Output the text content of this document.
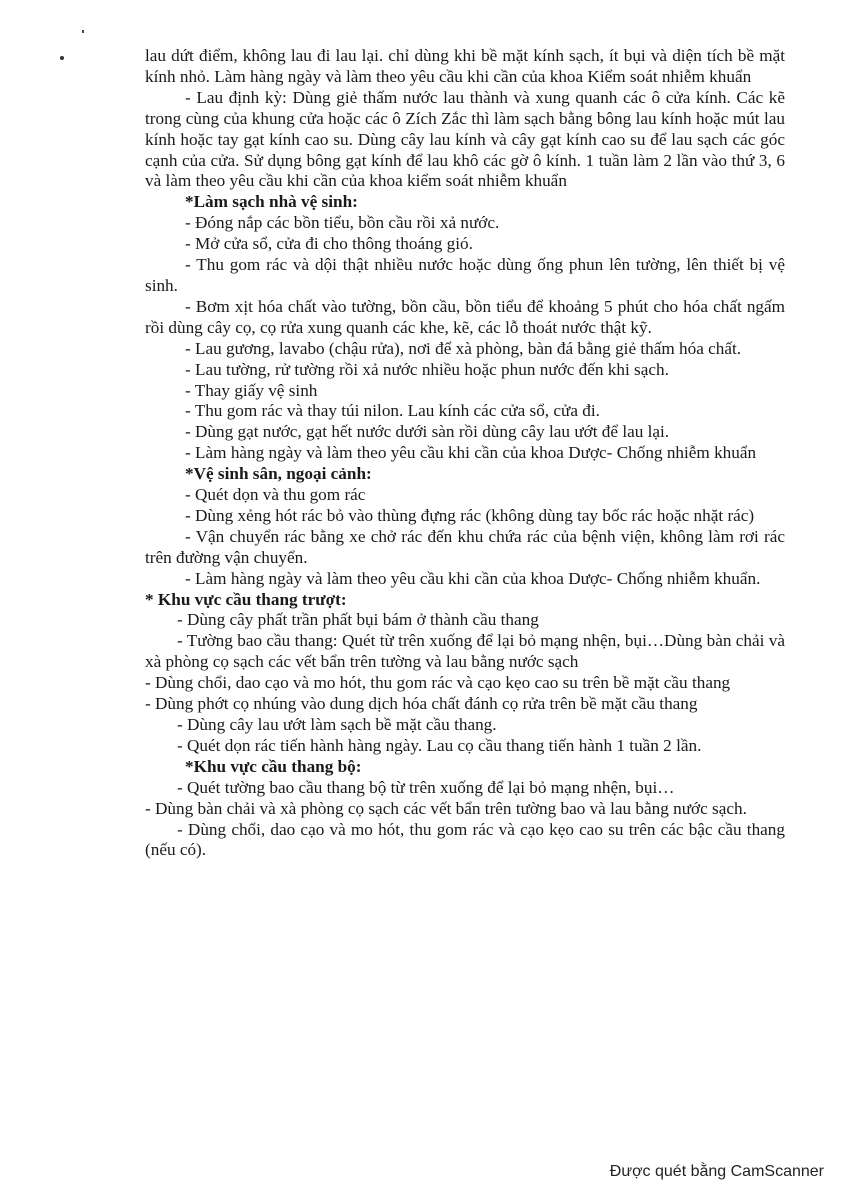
lau dứt điểm, không lau đi lau lại. chỉ dùng khi bề mặt kính sạch, ít bụi và diện tích bề mặt kính nhỏ. Làm hàng ngày và làm theo yêu cầu khi cần của khoa Kiểm soát nhiễm khuẩn

- Lau định kỳ: Dùng giẻ thấm nước lau thành và xung quanh các ô cửa kính. Các kẽ trong cùng của khung cửa hoặc các ô Zích Zắc thì làm sạch bằng bông lau kính hoặc mút lau kính hoặc tay gạt kính cao su. Dùng cây lau kính và cây gạt kính cao su để lau sạch các góc cạnh của cửa. Sử dụng bông gạt kính để lau khô các gờ ô kính. 1 tuần làm 2 lần vào thứ 3, 6 và làm theo yêu cầu khi cần của khoa kiểm soát nhiễm khuẩn

*Làm sạch nhà vệ sinh:

- Đóng nắp các bồn tiểu, bồn cầu rồi xả nước.

- Mở cửa sổ, cửa đi cho thông thoáng gió.

- Thu gom rác và dội thật nhiều nước hoặc dùng ống phun lên tường, lên thiết bị vệ sinh.

- Bơm xịt hóa chất vào tường, bồn cầu, bồn tiểu để khoảng 5 phút cho hóa chất ngấm rồi dùng cây cọ, cọ rửa xung quanh các khe, kẽ, các lỗ thoát nước thật kỹ.

- Lau gương, lavabo (chậu rửa), nơi để xà phòng, bàn đá bằng giẻ thấm hóa chất.

- Lau tường, rử tường rồi xả nước nhiều hoặc phun nước đến khi sạch.

- Thay giấy vệ sinh

- Thu gom rác và thay túi nilon. Lau kính các cửa sổ, cửa đi.

- Dùng gạt nước, gạt hết nước dưới sàn rồi dùng cây lau ướt để lau lại.

- Làm hàng ngày và làm theo yêu cầu khi cần của khoa Dược- Chống nhiễm khuẩn

*Vệ sinh sân, ngoại cảnh:

- Quét dọn và thu gom rác

- Dùng xẻng hót rác bỏ vào thùng đựng rác (không dùng tay bốc rác hoặc nhặt rác)

- Vận chuyển rác bằng xe chở rác đến khu chứa rác của bệnh viện, không làm rơi rác trên đường vận chuyển.

- Làm hàng ngày và làm theo yêu cầu khi cần của khoa Dược- Chống nhiễm khuẩn.

* Khu vực cầu thang trượt:

- Dùng cây phất trần phất bụi bám ở thành cầu thang

- Tường bao cầu thang: Quét từ trên xuống để lại bỏ mạng nhện, bụi…Dùng bàn chải và xà phòng cọ sạch các vết bẩn trên tường và lau bằng nước sạch

- Dùng chổi, dao cạo và mo hót, thu gom rác và cạo kẹo cao su trên bề mặt cầu thang

- Dùng phớt cọ nhúng vào dung dịch hóa chất đánh cọ rửa trên bề mặt cầu thang

- Dùng cây lau ướt làm sạch bề mặt cầu thang.

- Quét dọn rác tiến hành hàng ngày. Lau cọ cầu thang tiến hành 1 tuần 2 lần.

*Khu vực cầu thang bộ:

- Quét tường bao cầu thang bộ từ trên xuống để lại bỏ mạng nhện, bụi…

- Dùng bàn chải và xà phòng cọ sạch các vết bẩn trên tường bao và lau bằng nước sạch.

- Dùng chổi, dao cạo và mo hót, thu gom rác và cạo kẹo cao su trên các bậc cầu thang (nếu có).

Được quét bằng CamScanner
